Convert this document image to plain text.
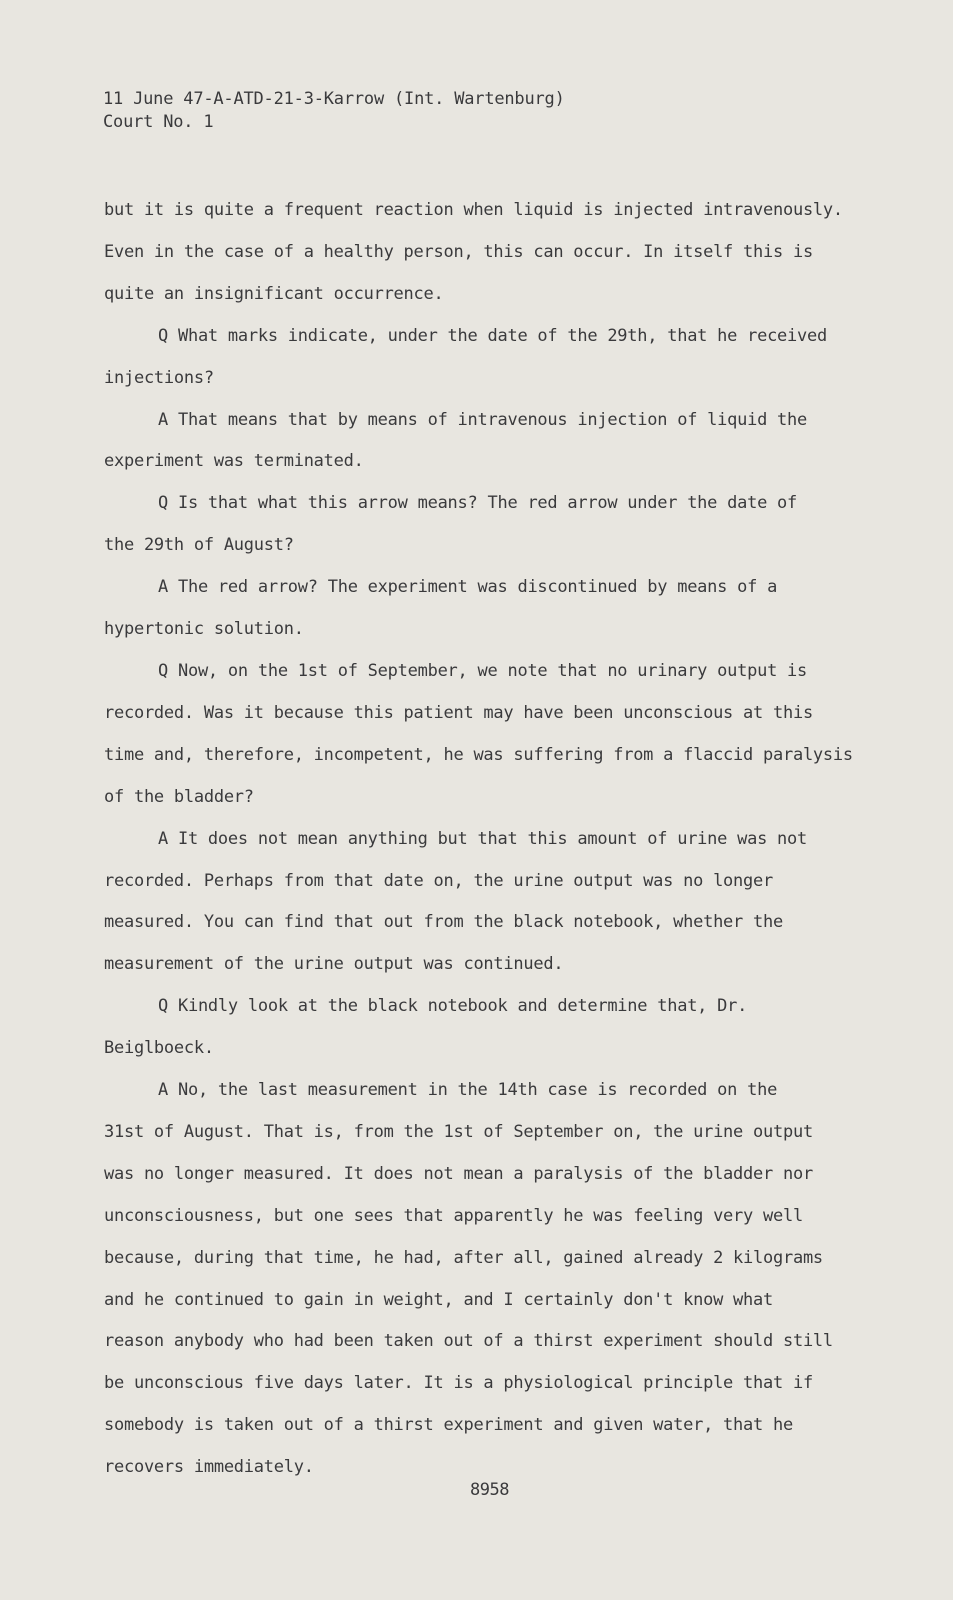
11 June 47-A-ATD-21-3-Karrow (Int. Wartenburg)
Court No. 1
but it is quite a frequent reaction when liquid is injected intravenously.
Even in the case of a healthy person, this can occur. In itself this is
quite an insignificant occurrence.
Q What marks indicate, under the date of the 29th, that he received
injections?
A That means that by means of intravenous injection of liquid the
experiment was terminated.
Q Is that what this arrow means? The red arrow under the date of
the 29th of August?
A The red arrow? The experiment was discontinued by means of a
hypertonic solution.
Q Now, on the 1st of September, we note that no urinary output is
recorded. Was it because this patient may have been unconscious at this
time and, therefore, incompetent, he was suffering from a flaccid paralysis
of the bladder?
A It does not mean anything but that this amount of urine was not
recorded. Perhaps from that date on, the urine output was no longer
measured. You can find that out from the black notebook, whether the
measurement of the urine output was continued.
Q Kindly look at the black notebook and determine that, Dr.
Beiglboeck.
A No, the last measurement in the 14th case is recorded on the
31st of August. That is, from the 1st of September on, the urine output
was no longer measured. It does not mean a paralysis of the bladder nor
unconsciousness, but one sees that apparently he was feeling very well
because, during that time, he had, after all, gained already 2 kilograms
and he continued to gain in weight, and I certainly don't know what
reason anybody who had been taken out of a thirst experiment should still
be unconscious five days later. It is a physiological principle that if
somebody is taken out of a thirst experiment and given water, that he
recovers immediately.
8958
